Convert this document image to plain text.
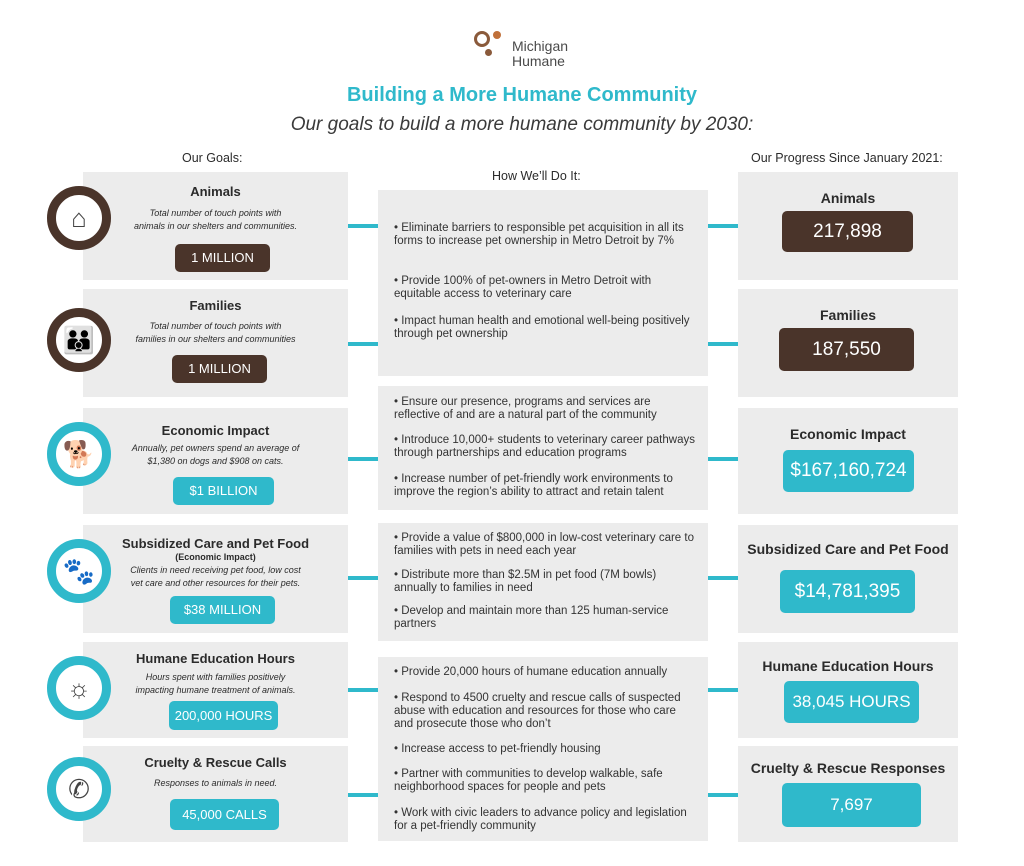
Michigan
Humane
Building a More Humane Community
Our goals to build a more humane community by 2030:
Our Goals:
How We’ll Do It:
Our Progress Since January 2021:
Animals
Total number of touch points with
animals in our shelters and communities.
1 MILLION
⌂
Families
Total number of touch points with
families in our shelters and communities
1 MILLION
👪
Economic Impact
Annually, pet owners spend an average of
$1,380 on dogs and $908 on cats.
$1 BILLION
🐕
Subsidized Care and Pet Food
(Economic Impact)
Clients in need receiving pet food, low cost
vet care and other resources for their pets.
$38 MILLION
🐾
Humane Education Hours
Hours spent with families positively
impacting humane treatment of animals.
200,000 HOURS
☼
Cruelty & Rescue Calls
Responses to animals in need.
45,000 CALLS
✆

• Eliminate barriers to responsible pet acquisition in all its forms to increase pet ownership in Metro Detroit by 7%

• Provide 100% of pet-owners in Metro Detroit with equitable access to veterinary care

• Impact human health and emotional well-being positively through pet ownership

• Ensure our presence, programs and services are reflective of and are a natural part of the community

• Introduce 10,000+ students to veterinary career pathways through partnerships and education programs

• Increase number of pet-friendly work environments to improve the region’s ability to attract and retain talent

• Provide a value of $800,000 in low-cost veterinary care to families with pets in need each year

• Distribute more than $2.5M in pet food (7M bowls) annually to families in need

• Develop and maintain more than 125 human-service partners

• Provide 20,000 hours of humane education annually

• Respond to 4500 cruelty and rescue calls of suspected abuse with education and resources for those who care and prosecute those who don’t

• Increase access to pet-friendly housing

• Partner with communities to develop walkable, safe neighborhood spaces for people and pets

• Work with civic leaders to advance policy and legislation for a pet-friendly community

Animals
217,898
Families
187,550
Economic Impact
$167,160,724
Subsidized Care and Pet Food
$14,781,395
Humane Education Hours
38,045 HOURS
Cruelty & Rescue Responses
7,697
